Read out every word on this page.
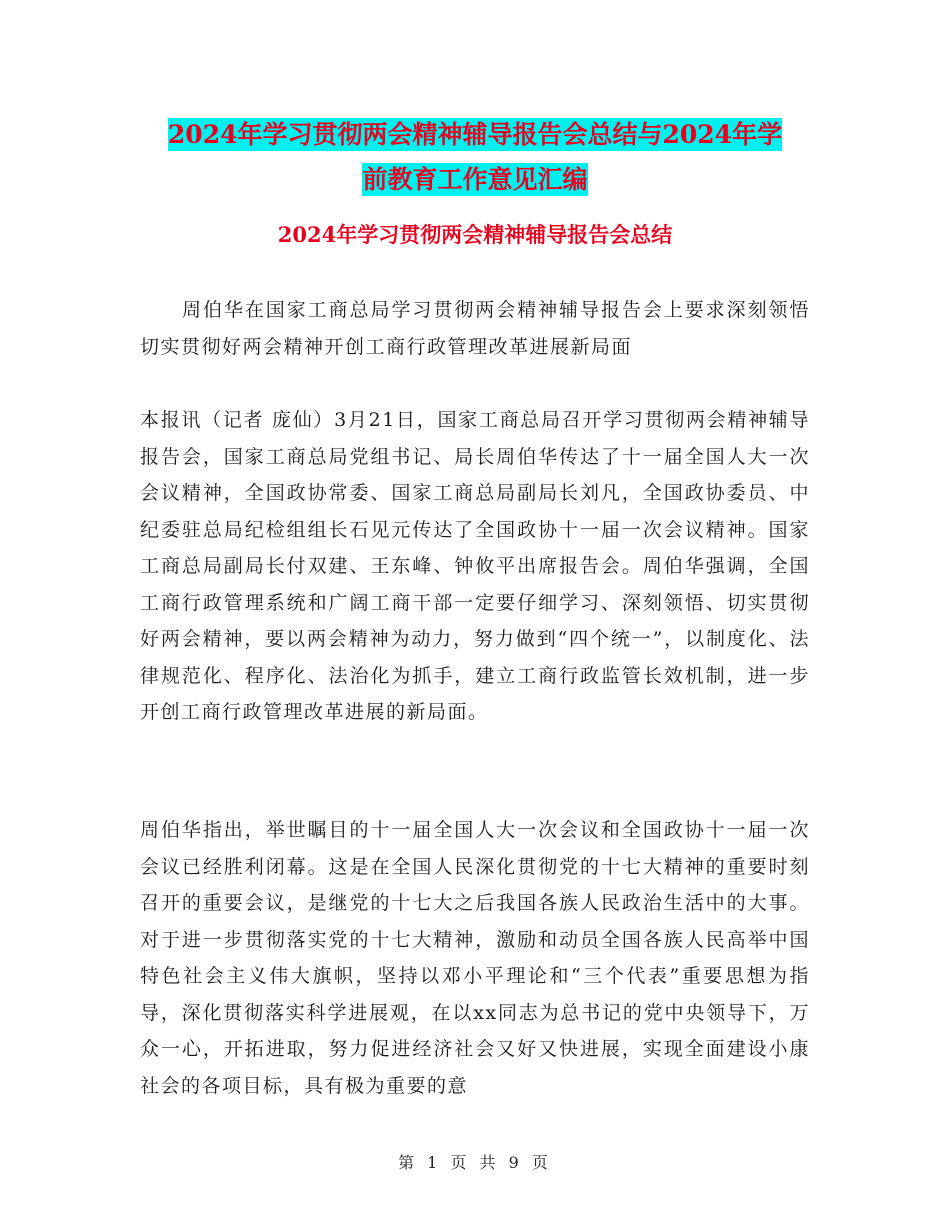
2024年学习贯彻两会精神辅导报告会总结与2024年学
前教育工作意见汇编
2024年学习贯彻两会精神辅导报告会总结

周伯华在国家工商总局学习贯彻两会精神辅导报告会上要求深刻领悟切实贯彻好两会精神开创工商行政管理改革进展新局面

本报讯（记者 庞仙）3月21日，国家工商总局召开学习贯彻两会精神辅导报告会，国家工商总局党组书记、局长周伯华传达了十一届全国人大一次会议精神，全国政协常委、国家工商总局副局长刘凡，全国政协委员、中纪委驻总局纪检组组长石见元传达了全国政协十一届一次会议精神。国家工商总局副局长付双建、王东峰、钟攸平出席报告会。周伯华强调，全国工商行政管理系统和广阔工商干部一定要仔细学习、深刻领悟、切实贯彻好两会精神，要以两会精神为动力，努力做到“四个统一”，以制度化、法律规范化、程序化、法治化为抓手，建立工商行政监管长效机制，进一步开创工商行政管理改革进展的新局面。

周伯华指出，举世瞩目的十一届全国人大一次会议和全国政协十一届一次会议已经胜利闭幕。这是在全国人民深化贯彻党的十七大精神的重要时刻召开的重要会议，是继党的十七大之后我国各族人民政治生活中的大事。对于进一步贯彻落实党的十七大精神，激励和动员全国各族人民高举中国特色社会主义伟大旗帜，坚持以邓小平理论和“三个代表”重要思想为指导，深化贯彻落实科学进展观，在以xx同志为总书记的党中央领导下，万众一心，开拓进取，努力促进经济社会又好又快进展，实现全面建设小康社会的各项目标，具有极为重要的意

第 1 页 共 9 页
